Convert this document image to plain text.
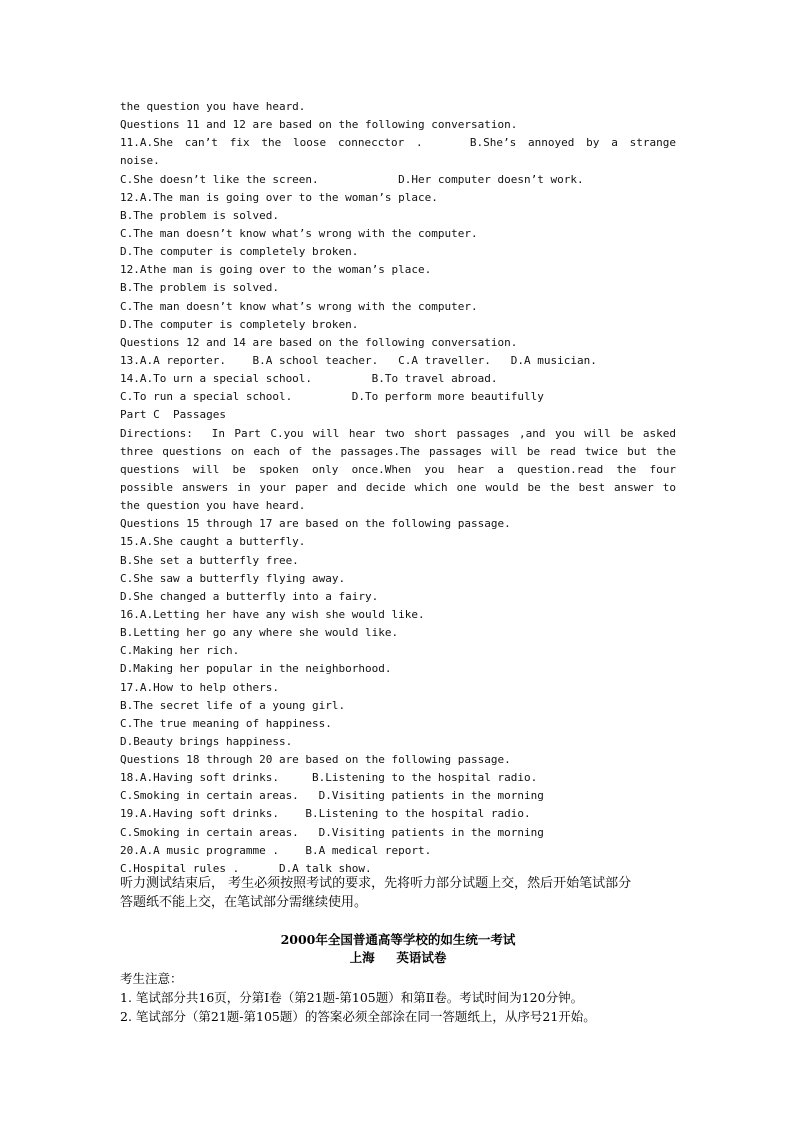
the question you have heard.
Questions 11 and 12 are based on the following conversation.
11.A.She can’t fix the loose connecctor .    B.She’s annoyed by a strange
noise.
C.She doesn’t like the screen.            D.Her computer doesn’t work.
12.A.The man is going over to the woman’s place.
B.The problem is solved.
C.The man doesn’t know what’s wrong with the computer.
D.The computer is completely broken.
12.Athe man is going over to the woman’s place.
B.The problem is solved.
C.The man doesn’t know what’s wrong with the computer.
D.The computer is completely broken.
Questions 12 and 14 are based on the following conversation.
13.A.A reporter.    B.A school teacher.   C.A traveller.   D.A musician.
14.A.To urn a special school.         B.To travel abroad.
C.To run a special school.         D.To perform more beautifully
Part C  Passages
Directions:  In Part C.you will hear two short passages ,and you will be asked
three questions on each of the passages.The passages will be read twice but the
questions will be spoken only once.When you hear a question.read the four
possible answers in your paper and decide which one would be the best answer to
the question you have heard.
Questions 15 through 17 are based on the following passage.
15.A.She caught a butterfly.
B.She set a butterfly free.
C.She saw a butterfly flying away.
D.She changed a butterfly into a fairy.
16.A.Letting her have any wish she would like.
B.Letting her go any where she would like.
C.Making her rich.
D.Making her popular in the neighborhood.
17.A.How to help others.
B.The secret life of a young girl.
C.The true meaning of happiness.
D.Beauty brings happiness.
Questions 18 through 20 are based on the following passage.
18.A.Having soft drinks.     B.Listening to the hospital radio.
C.Smoking in certain areas.   D.Visiting patients in the morning
19.A.Having soft drinks.    B.Listening to the hospital radio.
C.Smoking in certain areas.   D.Visiting patients in the morning
20.A.A music programme .    B.A medical report.
C.Hospital rules .      D.A talk show.
听力测试结束后， 考生必须按照考试的要求，先将听力部分试题上交，然后开始笔试部分
答题纸不能上交，在笔试部分需继续使用。
2000年全国普通高等学校的如生统一考试
上海     英语试卷
考生注意：
1. 笔试部分共16页，分第Ⅰ卷（第21题-第105题）和第Ⅱ卷。考试时间为120分钟。
2. 笔试部分（第21题-第105题）的答案必须全部涂在同一答题纸上，从序号21开始。
